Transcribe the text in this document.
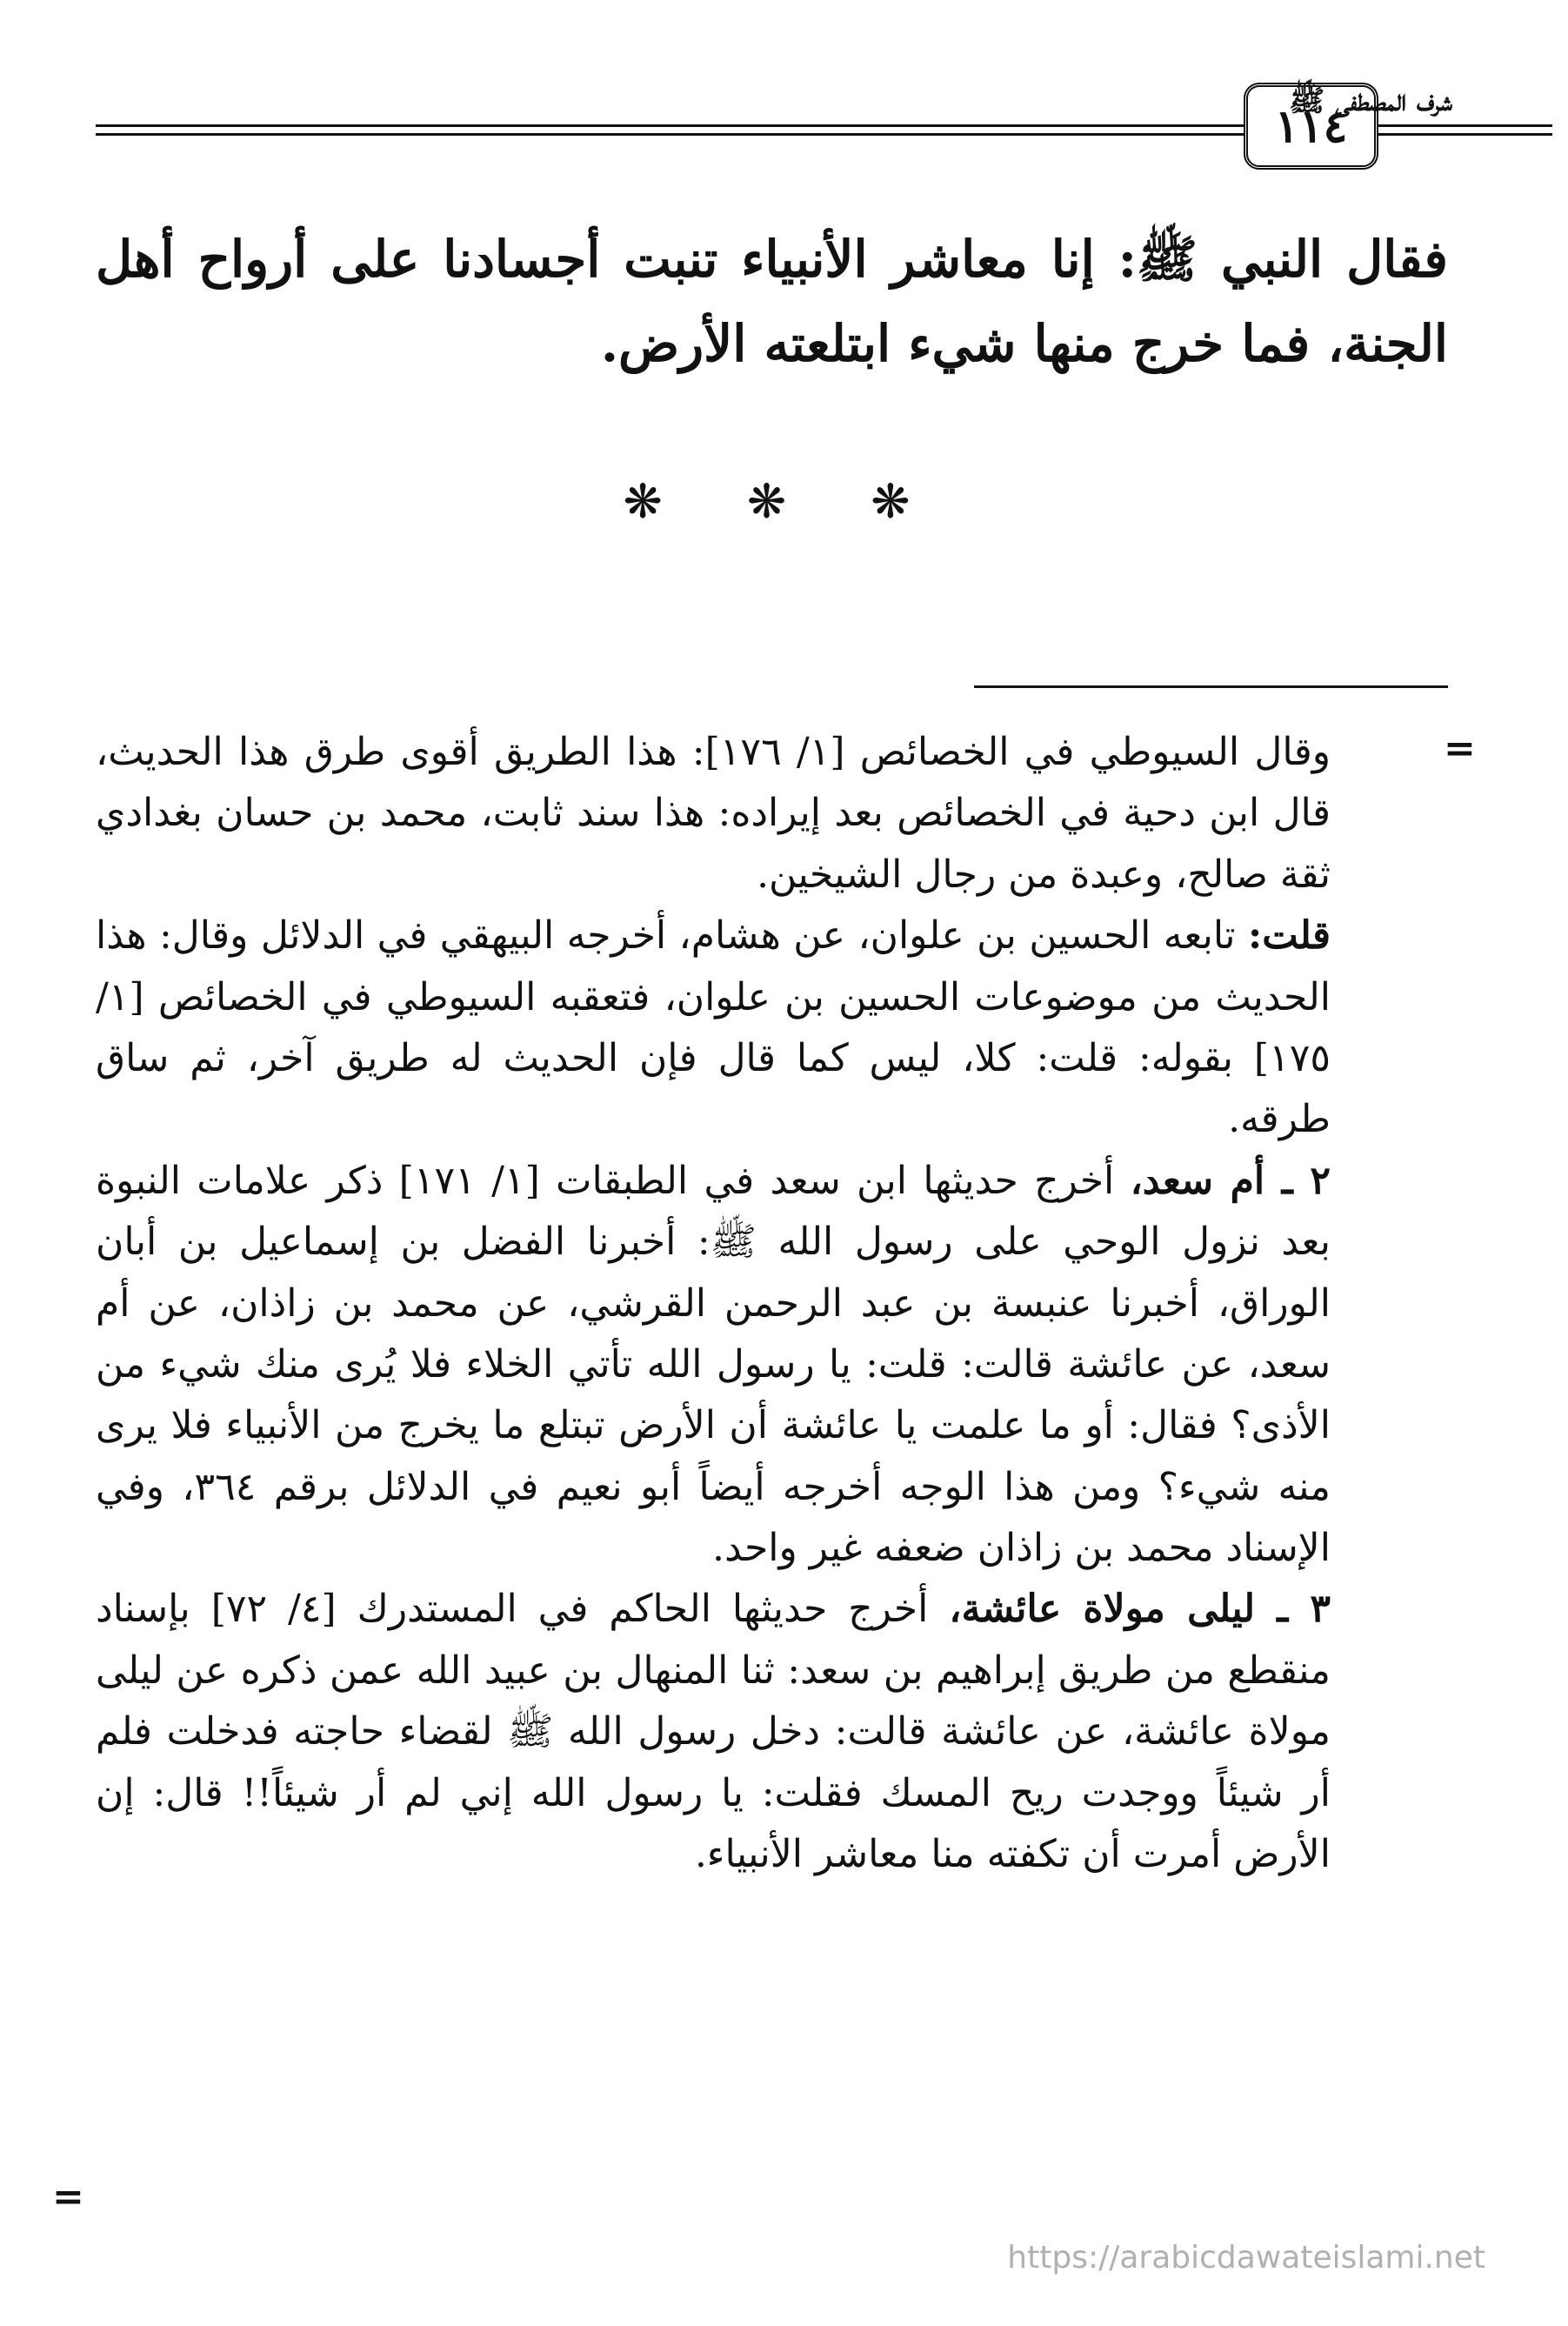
١١٤
شرف المصطفى ﷺ

فقال النبي ﷺ: إنا معاشر الأنبياء تنبت أجسادنا على أرواح أهل الجنة، فما خرج منها شيء ابتلعته الأرض.

❋ ❋ ❋
=

وقال السيوطي في الخصائص [١/ ١٧٦]: هذا الطريق أقوى طرق هذا الحديث، قال ابن دحية في الخصائص بعد إيراده: هذا سند ثابت، محمد بن حسان بغدادي ثقة صالح، وعبدة من رجال الشيخين.

قلت: تابعه الحسين بن علوان، عن هشام، أخرجه البيهقي في الدلائل وقال: هذا الحديث من موضوعات الحسين بن علوان، فتعقبه السيوطي في الخصائص [١/ ١٧٥] بقوله: قلت: كلا، ليس كما قال فإن الحديث له طريق آخر، ثم ساق طرقه.

٢ ـ أم سعد، أخرج حديثها ابن سعد في الطبقات [١/ ١٧١] ذكر علامات النبوة بعد نزول الوحي على رسول الله ﷺ: أخبرنا الفضل بن إسماعيل بن أبان الوراق، أخبرنا عنبسة بن عبد الرحمن القرشي، عن محمد بن زاذان، عن أم سعد، عن عائشة قالت: قلت: يا رسول الله تأتي الخلاء فلا يُرى منك شيء من الأذى؟ فقال: أو ما علمت يا عائشة أن الأرض تبتلع ما يخرج من الأنبياء فلا يرى منه شيء؟ ومن هذا الوجه أخرجه أيضاً أبو نعيم في الدلائل برقم ٣٦٤، وفي الإسناد محمد بن زاذان ضعفه غير واحد.

٣ ـ ليلى مولاة عائشة، أخرج حديثها الحاكم في المستدرك [٤/ ٧٢] بإسناد منقطع من طريق إبراهيم بن سعد: ثنا المنهال بن عبيد الله عمن ذكره عن ليلى مولاة عائشة، عن عائشة قالت: دخل رسول الله ﷺ لقضاء حاجته فدخلت فلم أر شيئاً ووجدت ريح المسك فقلت: يا رسول الله إني لم أر شيئاً!! قال: إن الأرض أمرت أن تكفته منا معاشر الأنبياء.

=
https://arabicdawateislami.net
